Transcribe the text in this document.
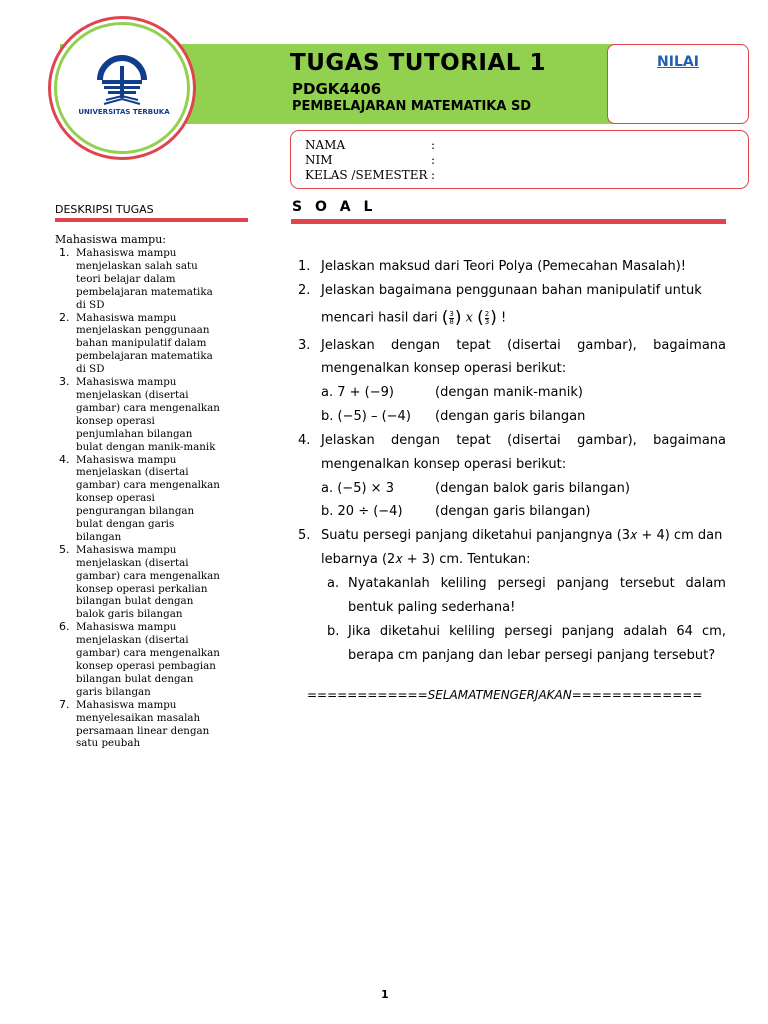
UNIVERSITAS TERBUKA
TUGAS TUTORIAL 1
PDGK4406
PEMBELAJARAN MATEMATIKA SD
NILAI
NAMA	:
NIM	:
KELAS /SEMESTER :
DESKRIPSI TUGAS
Mahasiswa mampu:
1. Mahasiswa mampu
menjelaskan salah satu
teori belajar dalam
pembelajaran matematika
di SD
2. Mahasiswa mampu
menjelaskan penggunaan
bahan manipulatif dalam
pembelajaran matematika
di SD
3. Mahasiswa mampu
menjelaskan (disertai
gambar) cara mengenalkan
konsep operasi
penjumlahan bilangan
bulat dengan manik-manik
4. Mahasiswa mampu
menjelaskan (disertai
gambar) cara mengenalkan
konsep operasi
pengurangan bilangan
bulat dengan garis
bilangan
5. Mahasiswa mampu
menjelaskan (disertai
gambar) cara mengenalkan
konsep operasi perkalian
bilangan bulat dengan
balok garis bilangan
6. Mahasiswa mampu
menjelaskan (disertai
gambar) cara mengenalkan
konsep operasi pembagian
bilangan bulat dengan
garis bilangan
7. Mahasiswa mampu
menyelesaikan masalah
persamaan linear dengan
satu peubah
S O A L
1. Jelaskan maksud dari Teori Polya (Pemecahan Masalah)!
2. Jelaskan bagaimana penggunaan bahan manipulatif untuk
mencari hasil dari ( $\frac{3}{8}$ ) x ( $\frac{2}{3}$ ) !
3. Jelaskan dengan tepat (disertai gambar), bagaimana
mengenalkan konsep operasi berikut:
a. 7 + (−9)	(dengan manik-manik)
b. (−5) – (−4) (dengan garis bilangan
4. Jelaskan dengan tepat (disertai gambar), bagaimana
mengenalkan konsep operasi berikut:
a. (−5) × 3	(dengan balok garis bilangan)
b. 20 ÷ (−4) (dengan garis bilangan)
5. Suatu persegi panjang diketahui panjangnya (3𝑥 + 4) cm dan
lebarnya (2𝑥 + 3) cm. Tentukan:
a. Nyatakanlah keliling persegi panjang tersebut dalam
bentuk paling sederhana!
b. Jika diketahui keliling persegi panjang adalah 64 cm,
berapa cm panjang dan lebar persegi panjang tersebut?
============SELAMATMENGERJAKAN=============
1
